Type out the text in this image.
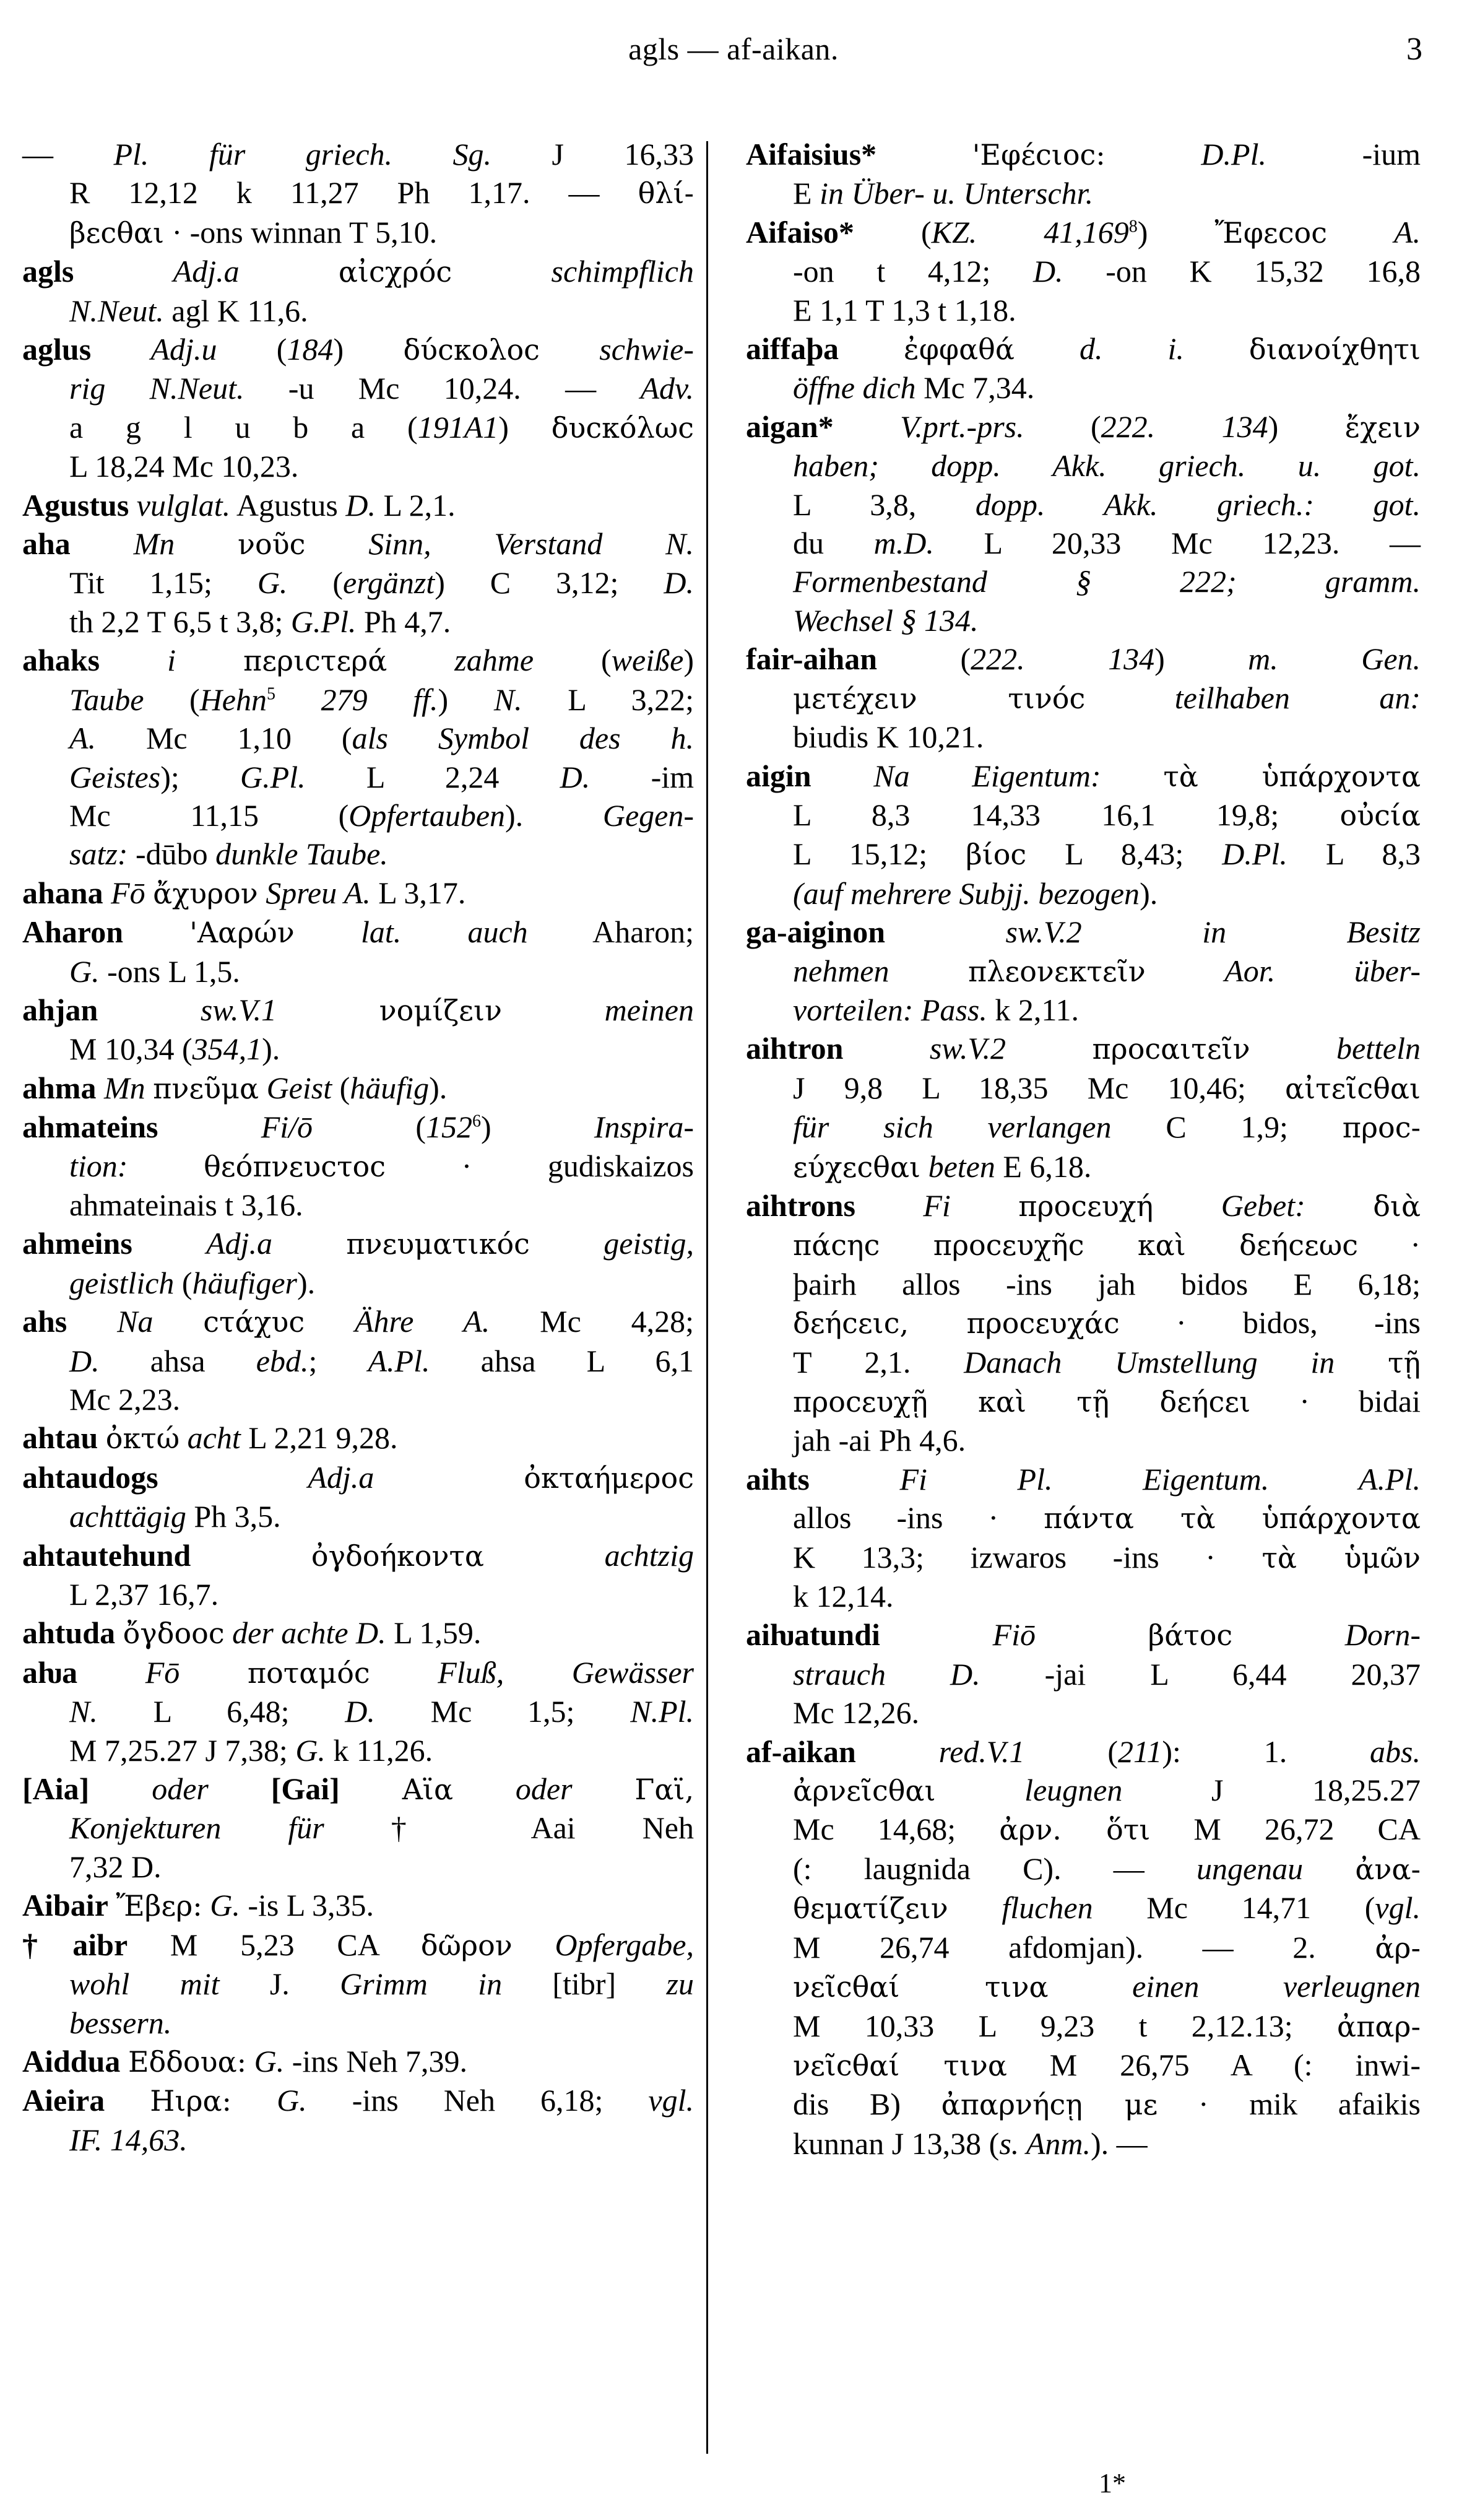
agls — af-aikan.	3
— Pl. für griech. Sg. J 16,33
R 12,12 k 11,27 Ph 1,17. — θλί-
βεϲθαι · -ons winnan T 5,10.
agls	Adj.a	αἰϲχρόϲ	schimpflich
N.Neut. agl K 11,6.
aglus Adj.u (184) δύϲκολοϲ schwie-
rig N.Neut. -u Mc 10,24. — Adv.
a g l u b a (191A1) δυϲκόλωϲ
L 18,24 Mc 10,23.
Agustus vulglat. Agustus D. L 2,1.
aha Mn νοῦϲ Sinn, Verstand N.
Tit 1,15; G. (ergänzt) C 3,12; D.
th 2,2 T 6,5 t 3,8; G.Pl. Ph 4,7.
ahaks i περιϲτερά zahme (weiße)
Taube (Hehn$^5$ 279 ff.) N. L 3,22;
A. Mc 1,10 (als Symbol des h.
Geistes); G.Pl. L 2,24 D. -im
Mc 11,15 (Opfertauben). Gegen-
satz: -dūbo dunkle Taube.
ahana Fō ἄχυρον Spreu A. L 3,17.
Aharon 'Ααρών lat. auch Aharon;
G. -ons L 1,5.
ahjan	sw.V.1	νομίζειν	meinen
M 10,34 (354,1).
ahma Mn πνεῦμα Geist (häufig).
ahmateins	Fi/ō $(152^6)$ Inspira-
tion:	θεόπνευϲτοϲ · gudiskaizos
ahmateinais t 3,16.
ahmeins Adj.a	πνευματικόϲ geistig,
geistlich (häufiger).
ahs Na ϲτάχυϲ Ähre A. Mc 4,28;
D. ahsa ebd.; A.Pl. ahsa L 6,1
Mc 2,23.
ahtau ὀκτώ acht L 2,21 9,28.
ahtaudogs	Adj.a	ὀκταήμεροϲ
achttägig Ph 3,5.
ahtautehund	ὀγδοήκοντα	achtzig
L 2,37 16,7.
ahtuda ὄγδοοϲ der achte D. L 1,59.
aƕa Fō ποταμόϲ Fluß, Gewässer
N. L 6,48; D. Mc 1,5; N.Pl.
M 7,25.27 J 7,38; G. k 11,26.
[Aia] oder [Gai] Αϊα oder Γαϊ,
Konjekturen für † Aai Neh
7,32 D.
Aibair Ἔβερ: G. -is L 3,35.
†aibr M 5,23 CA δῶρον Opfergabe,
wohl mit J. Grimm in [tibr] zu
bessern.
Aiddua Εδδουα: G. -ins Neh 7,39.
Aieira Ηιρα: G. -ins Neh 6,18; vgl.
IF. 14,63.
Aifaisius*	'Εφέϲιοϲ:	D.Pl. -ium
E in Über- u. Unterschr.
Aifaiso* (KZ. 41,169$^8$) Ἔφεϲοϲ A.
-on t 4,12; D. -on K 15,32 16,8
E 1,1 T 1,3 t 1,18.
aiffaþa ἐφφαθά d. i. διανοίχθητι
öffne dich Mc 7,34.
aigan* V.prt.-prs. (222. 134) ἔχειν
haben; dopp. Akk. griech. u. got.
L 3,8, dopp. Akk. griech.: got.
du m.D. L 20,33 Mc 12,23. —
Formenbestand § 222; gramm.
Wechsel § 134.
fair-aihan (222. 134) m. Gen.
μετέχειν τινόϲ	teilhaben an:
biudis K 10,21.
aigin Na Eigentum: τὰ ὑπάρχοντα
L 8,3 14,33 16,1 19,8; οὐϲία
L 15,12; βίοϲ L 8,43; D.Pl. L 8,3
(auf mehrere Subjj. bezogen).
ga-aiginon	sw.V.2 in Besitz
nehmen	πλεονεκτεῖν	Aor. über-
vorteilen: Pass. k 2,11.
aihtron	sw.V.2	προϲαιτεῖν	betteln
J 9,8 L 18,35 Mc 10,46; αἰτεῖϲθαι
für sich verlangen C 1,9; προϲ-
εύχεϲθαι beten E 6,18.
aihtrons Fi προϲευχή Gebet: διὰ
πάϲηϲ προϲευχῆϲ καὶ δεήϲεωϲ ·
þairh allos -ins jah bidos E 6,18;
δεήϲειϲ, προϲευχάϲ · bidos, -ins
T 2,1. Danach Umstellung in τῇ
προϲευχῇ καὶ τῇ δεήϲει · bidai
jah -ai Ph 4,6.
aihts	Fi Pl. Eigentum. A.Pl.
allos -ins · πάντα τὰ ὑπάρχοντα
K 13,3; izwaros -ins · τὰ ὑμῶν
k 12,14.
aiƕatundi	Fiō	βάτοϲ	Dorn-
strauch D. -jai L 6,44 20,37
Mc 12,26.
af-aikan	red.V.1 (211): 1. abs.
ἀρνεῖϲθαι	leugnen J 18,25.27
Mc 14,68; ἀρν. ὅτι M 26,72 CA
(: laugnida C). — ungenau ἀνα-
θεματίζειν fluchen Mc 14,71 (vgl.
M 26,74 afdomjan). — 2. ἀρ-
νεῖϲθαί τινα	einen verleugnen
M 10,33 L 9,23 t 2,12.13; ἀπαρ-
νεῖϲθαί τινα M 26,75 A (: inwi-
dis B) ἀπαρνήϲῃ με · mik afaikis
kunnan J 13,38 (s. Anm.). —
1*
